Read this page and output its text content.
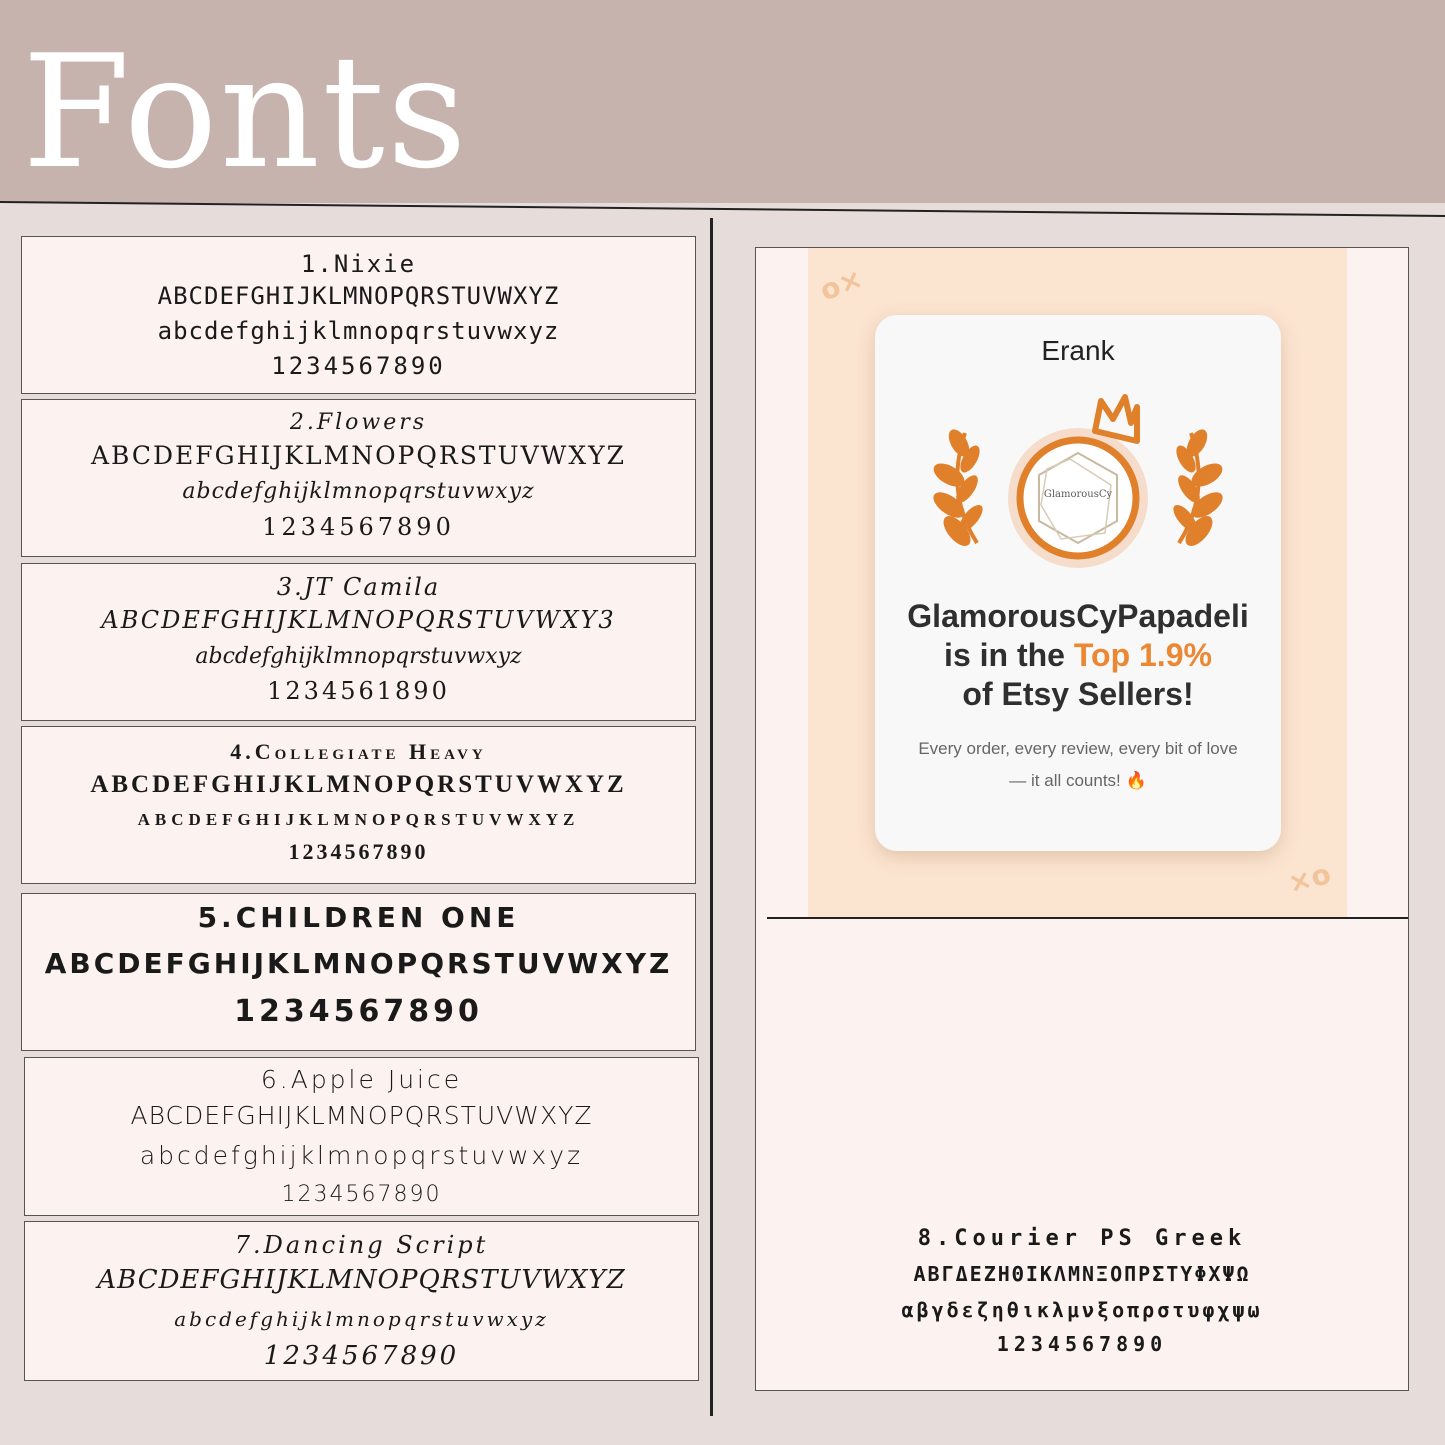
Fonts
1.Nixie
ABCDEFGHIJKLMNOPQRSTUVWXYZ
abcdefghijklmnopqrstuvwxyz
1234567890
2.Flowers
ABCDEFGHIJKLMNOPQRSTUVWXYZ
abcdefghijklmnopqrstuvwxyz
1234567890
3.JT Camila
ABCDEFGHIJKLMNOPQRSTUVWXY3
abcdefghijklmnopqrstuvwxyz
1234561890
4.Collegiate Heavy
ABCDEFGHIJKLMNOPQRSTUVWXYZ
ABCDEFGHIJKLMNOPQRSTUVWXYZ
1234567890
5.CHILDREN ONE
ABCDEFGHIJKLMNOPQRSTUVWXYZ
1234567890
6.Apple Juice
ABCDEFGHIJKLMNOPQRSTUVWXYZ
abcdefghijklmnopqrstuvwxyz
1234567890
7.Dancing Script
ABCDEFGHIJKLMNOPQRSTUVWXYZ
abcdefghijklmnopqrstuvwxyz
1234567890
o×
×o
Erank
GlamorousCy
GlamorousCyPapadeli
is in the Top 1.9%
of Etsy Sellers!
Every order, every review, every bit of love
— it all counts! 🔥
8.Courier PS Greek
ΑΒΓΔΕΖΗΘΙΚΛΜΝΞΟΠΡΣΤΥΦΧΨΩ
αβγδεζηθικλμνξοπρστυφχψω
1234567890
